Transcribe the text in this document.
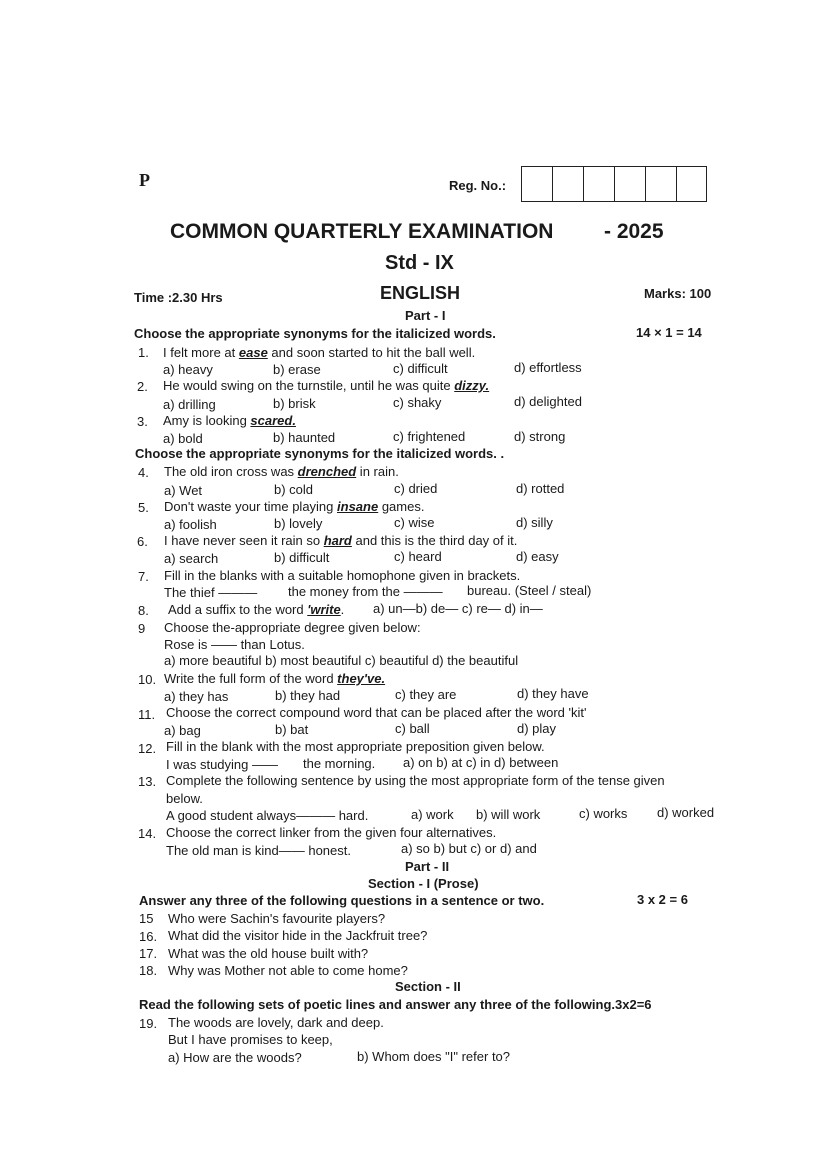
P	Reg. No.:
COMMON QUARTERLY EXAMINATION - 2025
Std - IX
Time :2.30 Hrs	ENGLISH	Marks: 100
Part - I
Choose the appropriate synonyms for the italicized words.	14 × 1 = 14
1. I felt more at ease and soon started to hit the ball well.
a) heavy	b) erase	c) difficult	d) effortless
2. He would swing on the turnstile, until he was quite dizzy.
a) drilling	b) brisk	c) shaky	d) delighted
3. Amy is looking scared.
a) bold	b) haunted	c) frightened	d) strong
Choose the appropriate synonyms for the italicized words. .
4. The old iron cross was drenched in rain.
a) Wet	b) cold	c) dried	d) rotted
5. Don't waste your time playing insane games.
a) foolish	b) lovely	c) wise	d) silly
6. I have never seen it rain so hard and this is the third day of it.
a) search	b) difficult	c) heard	d) easy
7. Fill in the blanks with a suitable homophone given in brackets.
The thief ——— the money from the ——— bureau. (Steel / steal)
8. Add a suffix to the word 'write. a) un—b) de— c) re— d) in—
9 Choose the-appropriate degree given below:
Rose is —— than Lotus.
a) more beautiful b) most beautiful c) beautiful d) the beautiful
10. Write the full form of the word they've.
a) they has	b) they had	c) they are	d) they have
11. Choose the correct compound word that can be placed after the word 'kit'
a) bag	b) bat	c) ball	d) play
12. Fill in the blank with the most appropriate preposition given below.
I was studying —— the morning. a) on b) at c) in d) between
13. Complete the following sentence by using the most appropriate form of the tense given
below.
A good student always——— hard.	a) work b) will work	c) works d) worked
14. Choose the correct linker from the given four alternatives.
The old man is kind—— honest.	a) so b) but c) or d) and
Part - II
Section - I (Prose)
Answer any three of the following questions in a sentence or two.	3 x 2 = 6
15 Who were Sachin's favourite players?
16. What did the visitor hide in the Jackfruit tree?
17. What was the old house built with?
18. Why was Mother not able to come home?
Section - II
Read the following sets of poetic lines and answer any three of the following.3x2=6
19. The woods are lovely, dark and deep.
But I have promises to keep,
a) How are the woods?	b) Whom does "I" refer to?
